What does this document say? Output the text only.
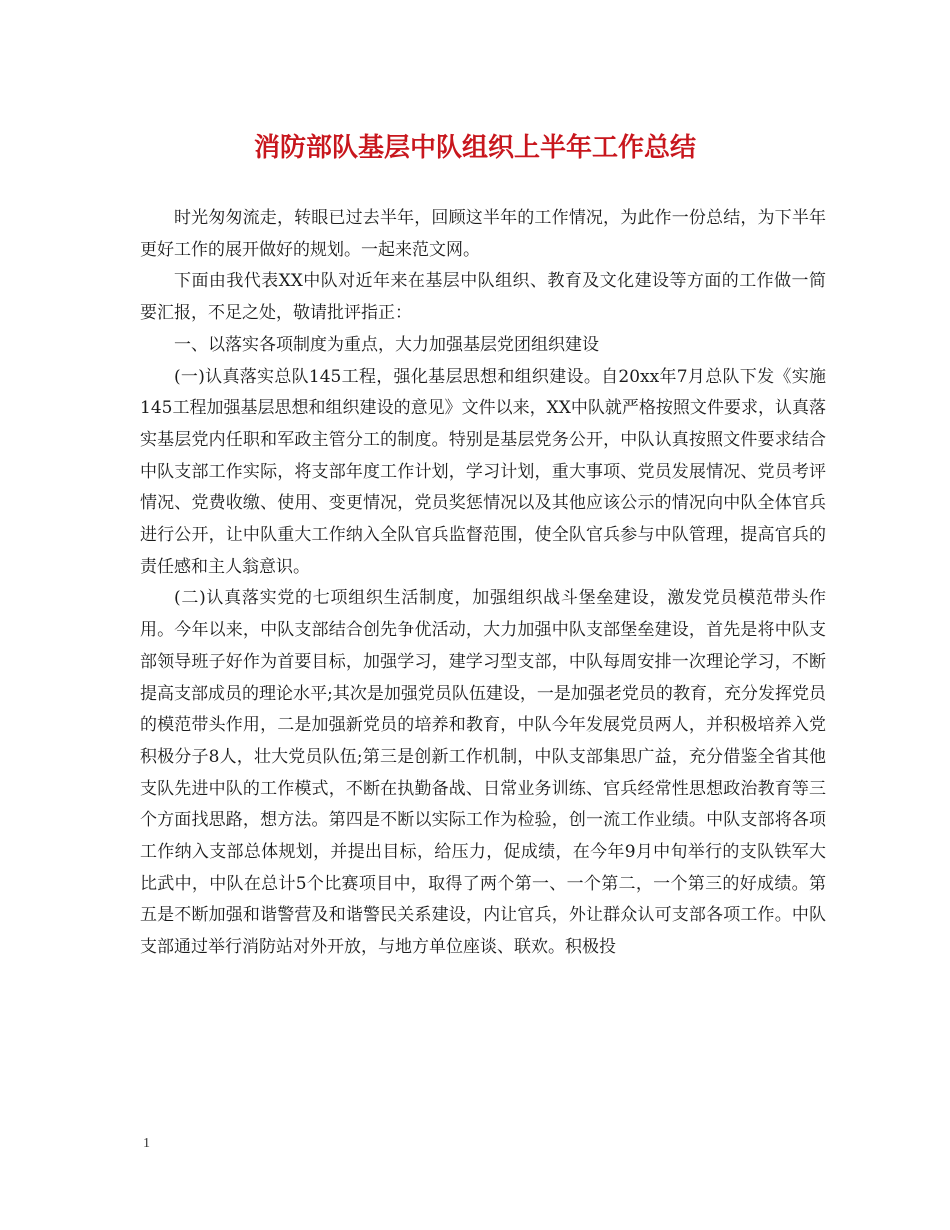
消防部队基层中队组织上半年工作总结

时光匆匆流走，转眼已过去半年，回顾这半年的工作情况，为此作一份总结，为下半年更好工作的展开做好的规划。一起来范文网。

下面由我代表XX中队对近年来在基层中队组织、教育及文化建设等方面的工作做一简要汇报，不足之处，敬请批评指正：

一、以落实各项制度为重点，大力加强基层党团组织建设

(一)认真落实总队145工程，强化基层思想和组织建设。自20xx年7月总队下发《实施145工程加强基层思想和组织建设的意见》文件以来，XX中队就严格按照文件要求，认真落实基层党内任职和军政主管分工的制度。特别是基层党务公开，中队认真按照文件要求结合中队支部工作实际，将支部年度工作计划，学习计划，重大事项、党员发展情况、党员考评情况、党费收缴、使用、变更情况，党员奖惩情况以及其他应该公示的情况向中队全体官兵进行公开，让中队重大工作纳入全队官兵监督范围，使全队官兵参与中队管理，提高官兵的责任感和主人翁意识。

(二)认真落实党的七项组织生活制度，加强组织战斗堡垒建设，激发党员模范带头作用。今年以来，中队支部结合创先争优活动，大力加强中队支部堡垒建设，首先是将中队支部领导班子好作为首要目标，加强学习，建学习型支部，中队每周安排一次理论学习，不断提高支部成员的理论水平;其次是加强党员队伍建设，一是加强老党员的教育，充分发挥党员的模范带头作用，二是加强新党员的培养和教育，中队今年发展党员两人，并积极培养入党积极分子8人，壮大党员队伍;第三是创新工作机制，中队支部集思广益，充分借鉴全省其他支队先进中队的工作模式，不断在执勤备战、日常业务训练、官兵经常性思想政治教育等三个方面找思路，想方法。第四是不断以实际工作为检验，创一流工作业绩。中队支部将各项工作纳入支部总体规划，并提出目标，给压力，促成绩，在今年9月中旬举行的支队铁军大比武中，中队在总计5个比赛项目中，取得了两个第一、一个第二，一个第三的好成绩。第五是不断加强和谐警营及和谐警民关系建设，内让官兵，外让群众认可支部各项工作。中队支部通过举行消防站对外开放，与地方单位座谈、联欢。积极投

1
